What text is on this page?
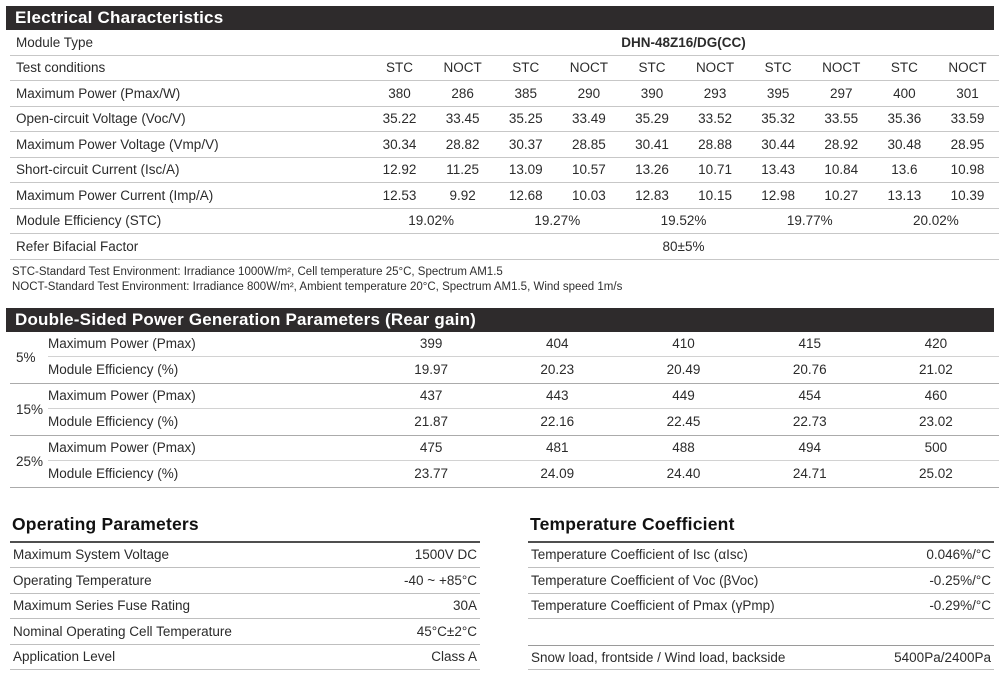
Electrical Characteristics
Module Type	DHN-48Z16/DG(CC)
Test conditions	STC	NOCT	STC	NOCT	STC	NOCT	STC	NOCT	STC	NOCT
Maximum Power (Pmax/W)	380	286	385	290	390	293	395	297	400	301
Open-circuit Voltage (Voc/V)	35.22	33.45	35.25	33.49	35.29	33.52	35.32	33.55	35.36	33.59
Maximum Power Voltage (Vmp/V)	30.34	28.82	30.37	28.85	30.41	28.88	30.44	28.92	30.48	28.95
Short-circuit Current (Isc/A)	12.92	11.25	13.09	10.57	13.26	10.71	13.43	10.84	13.6	10.98
Maximum Power Current (Imp/A)	12.53	9.92	12.68	10.03	12.83	10.15	12.98	10.27	13.13	10.39
Module Efficiency (STC)	19.02%	19.27%	19.52%	19.77%	20.02%
Refer Bifacial Factor	80±5%
STC-Standard Test Environment: Irradiance 1000W/m², Cell temperature 25°C, Spectrum AM1.5
NOCT-Standard Test Environment: Irradiance 800W/m², Ambient temperature 20°C, Spectrum AM1.5, Wind speed 1m/s
Double-Sided Power Generation Parameters (Rear gain)
5%
Maximum Power (Pmax)	399	404	410	415	420
Module Efficiency (%)	19.97	20.23	20.49	20.76	21.02
15%
Maximum Power (Pmax)	437	443	449	454	460
Module Efficiency (%)	21.87	22.16	22.45	22.73	23.02
25%
Maximum Power (Pmax)	475	481	488	494	500
Module Efficiency (%)	23.77	24.09	24.40	24.71	25.02
Operating Parameters
Maximum System Voltage	1500V DC
Operating Temperature	-40 ~ +85°C
Maximum Series Fuse Rating	30A
Nominal Operating Cell Temperature	45°C±2°C
Application Level	Class A
Temperature Coefficient
Temperature Coefficient of Isc (αIsc)	0.046%/°C
Temperature Coefficient of Voc (βVoc)	-0.25%/°C
Temperature Coefficient of Pmax (γPmp)	-0.29%/°C
Snow load, frontside / Wind load, backside	5400Pa/2400Pa
